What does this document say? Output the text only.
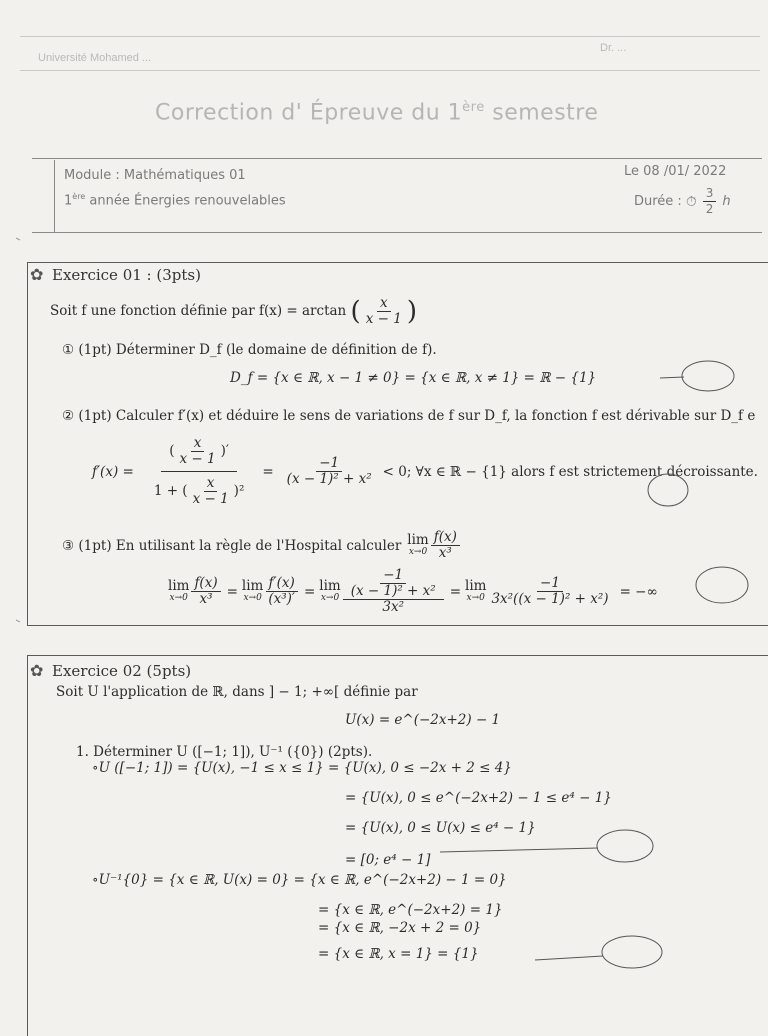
Université Mohamed ...
Dr. ...
Correction d' Épreuve du 1ère semestre
Module : Mathématiques 01
1ère année Énergies renouvelables
Le 08 /01/ 2022
Durée : ⏱ $\frac{3}{2}$ h
✿ Exercice 01 : (3pts)
Soit f une fonction définie par f(x) = arctan ( $\frac{x}{x - 1}$ )
① (1pt) Déterminer D_f (le domaine de définition de f).
D_f = {x ∈ ℝ, x − 1 ≠ 0} = {x ∈ ℝ, x ≠ 1} = ℝ − {1}
② (1pt) Calculer f′(x) et déduire le sens de variations de f sur D_f, la fonction f est dérivable sur D_f e
$f'(x) = \frac{( \frac{x}{x - 1} )'}{1 + ( \frac{x}{x - 1} )^2} = \frac{-1}{\text{(x − 1)² + x²}} < 0$; ∀x ∈ ℝ − {1} alors f est strictement décroissante.
③ (1pt) En utilisant la règle de l'Hospital calculer lim
$x\to 0 \frac{f(x)}{\text{x³}}$
lim
$x\to 0 \frac{f(x)}{\text{x³}} = \lim$
$x\to 0 \frac{f'(x)}{\text{(x³)′}} = \lim$
$x\to 0 \frac{\frac{-1}{\text{(x − 1)² + x²}}}{\text{3x²}} = \lim$
$x\to 0 \frac{-1}{\text{3x²((x − 1)² + x²)}}$ = −∞
✿ Exercice 02 (5pts)
Soit U l'application de ℝ, dans ] − 1; +∞[ définie par
U(x) = e^(−2x+2) − 1
1. Déterminer U ([−1; 1]), U⁻¹ ({0}) (2pts).
∘U ([−1; 1]) = {U(x), −1 ≤ x ≤ 1} = {U(x), 0 ≤ −2x + 2 ≤ 4}
= {U(x), 0 ≤ e^(−2x+2) − 1 ≤ e⁴ − 1}
= {U(x), 0 ≤ U(x) ≤ e⁴ − 1}
= [0; e⁴ − 1]
∘U⁻¹{0} = {x ∈ ℝ, U(x) = 0} = {x ∈ ℝ, e^(−2x+2) − 1 = 0}
= {x ∈ ℝ, e^(−2x+2) = 1}
= {x ∈ ℝ, −2x + 2 = 0}
= {x ∈ ℝ, x = 1} = {1}
